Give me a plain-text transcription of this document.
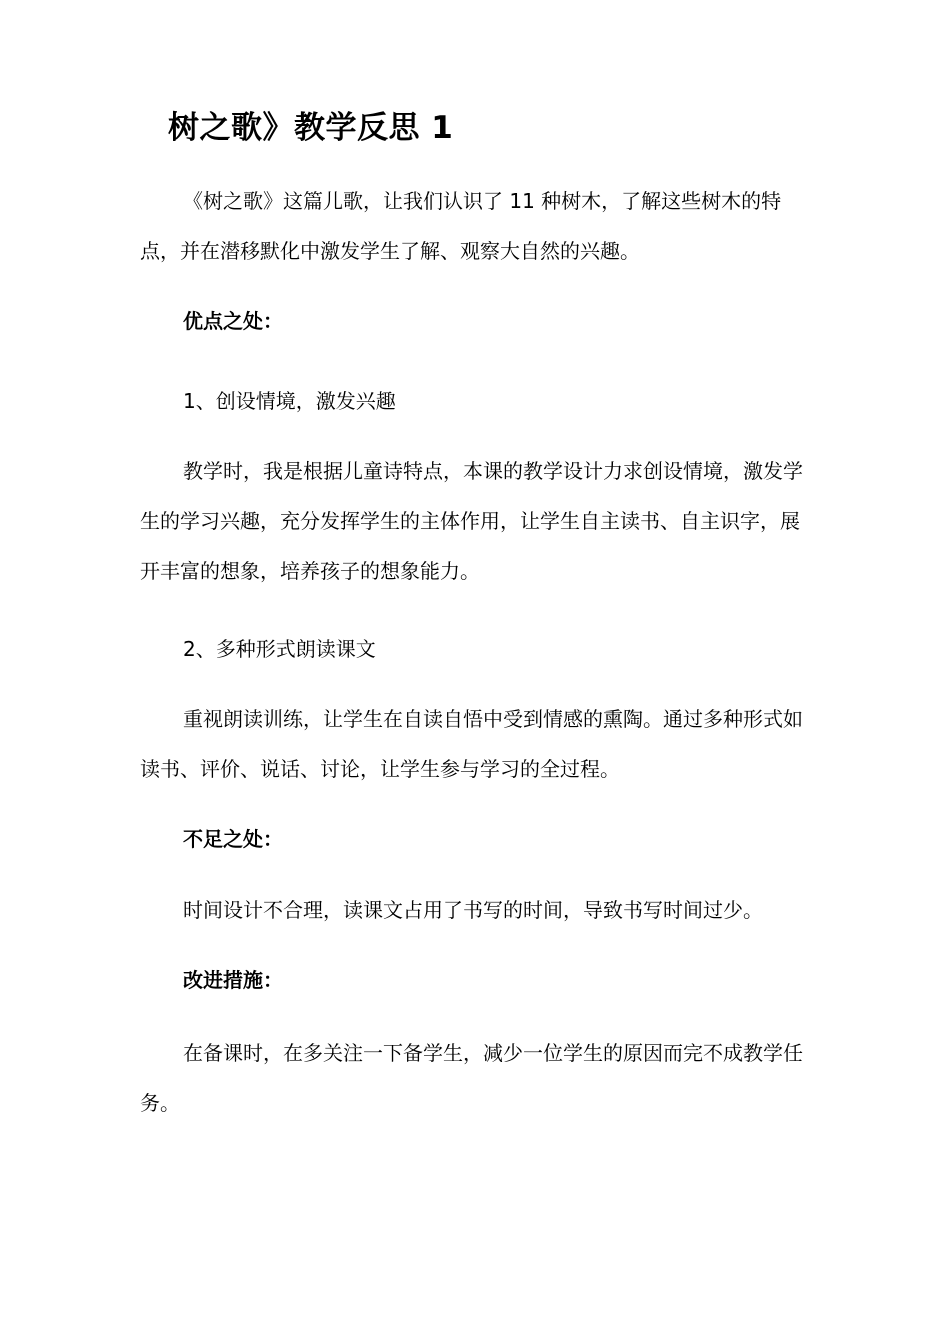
树之歌》教学反思 1

《树之歌》这篇儿歌，让我们认识了 11 种树木，了解这些树木的特点，并在潜移默化中激发学生了解、观察大自然的兴趣。

优点之处：

1、创设情境，激发兴趣

教学时，我是根据儿童诗特点，本课的教学设计力求创设情境，激发学生的学习兴趣，充分发挥学生的主体作用，让学生自主读书、自主识字，展开丰富的想象，培养孩子的想象能力。

2、多种形式朗读课文

重视朗读训练，让学生在自读自悟中受到情感的熏陶。通过多种形式如读书、评价、说话、讨论，让学生参与学习的全过程。

不足之处：

时间设计不合理，读课文占用了书写的时间，导致书写时间过少。

改进措施：

在备课时，在多关注一下备学生，减少一位学生的原因而完不成教学任务。
